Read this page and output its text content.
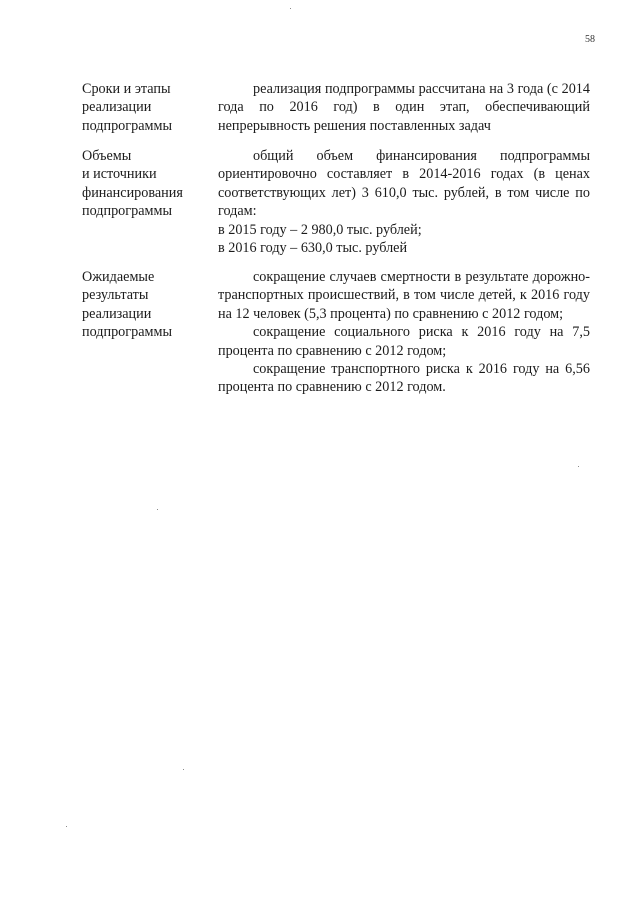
58
Сроки и этапы
реализации
подпрограммы

реализация подпрограммы рассчитана на 3 года (с 2014 года по 2016 год) в один этап, обеспечивающий непрерывность решения поставленных задач

Объемы
и источники
финансирования
подпрограммы

общий объем финансирования подпрограммы ориентировочно составляет в 2014-2016 годах (в ценах соответствующих лет) 3 610,0 тыс. рублей, в том числе по годам:

в 2015 году – 2 980,0 тыс. рублей;

в 2016 году – 630,0 тыс. рублей

Ожидаемые
результаты
реализации
подпрограммы

сокращение случаев смертности в результате дорожно-транспортных происшествий, в том числе детей, к 2016 году на 12 человек (5,3 процента) по сравнению с 2012 годом;

сокращение социального риска к 2016 году на 7,5 процента по сравнению с 2012 годом;

сокращение транспортного риска к 2016 году на 6,56 процента по сравнению с 2012 годом.
